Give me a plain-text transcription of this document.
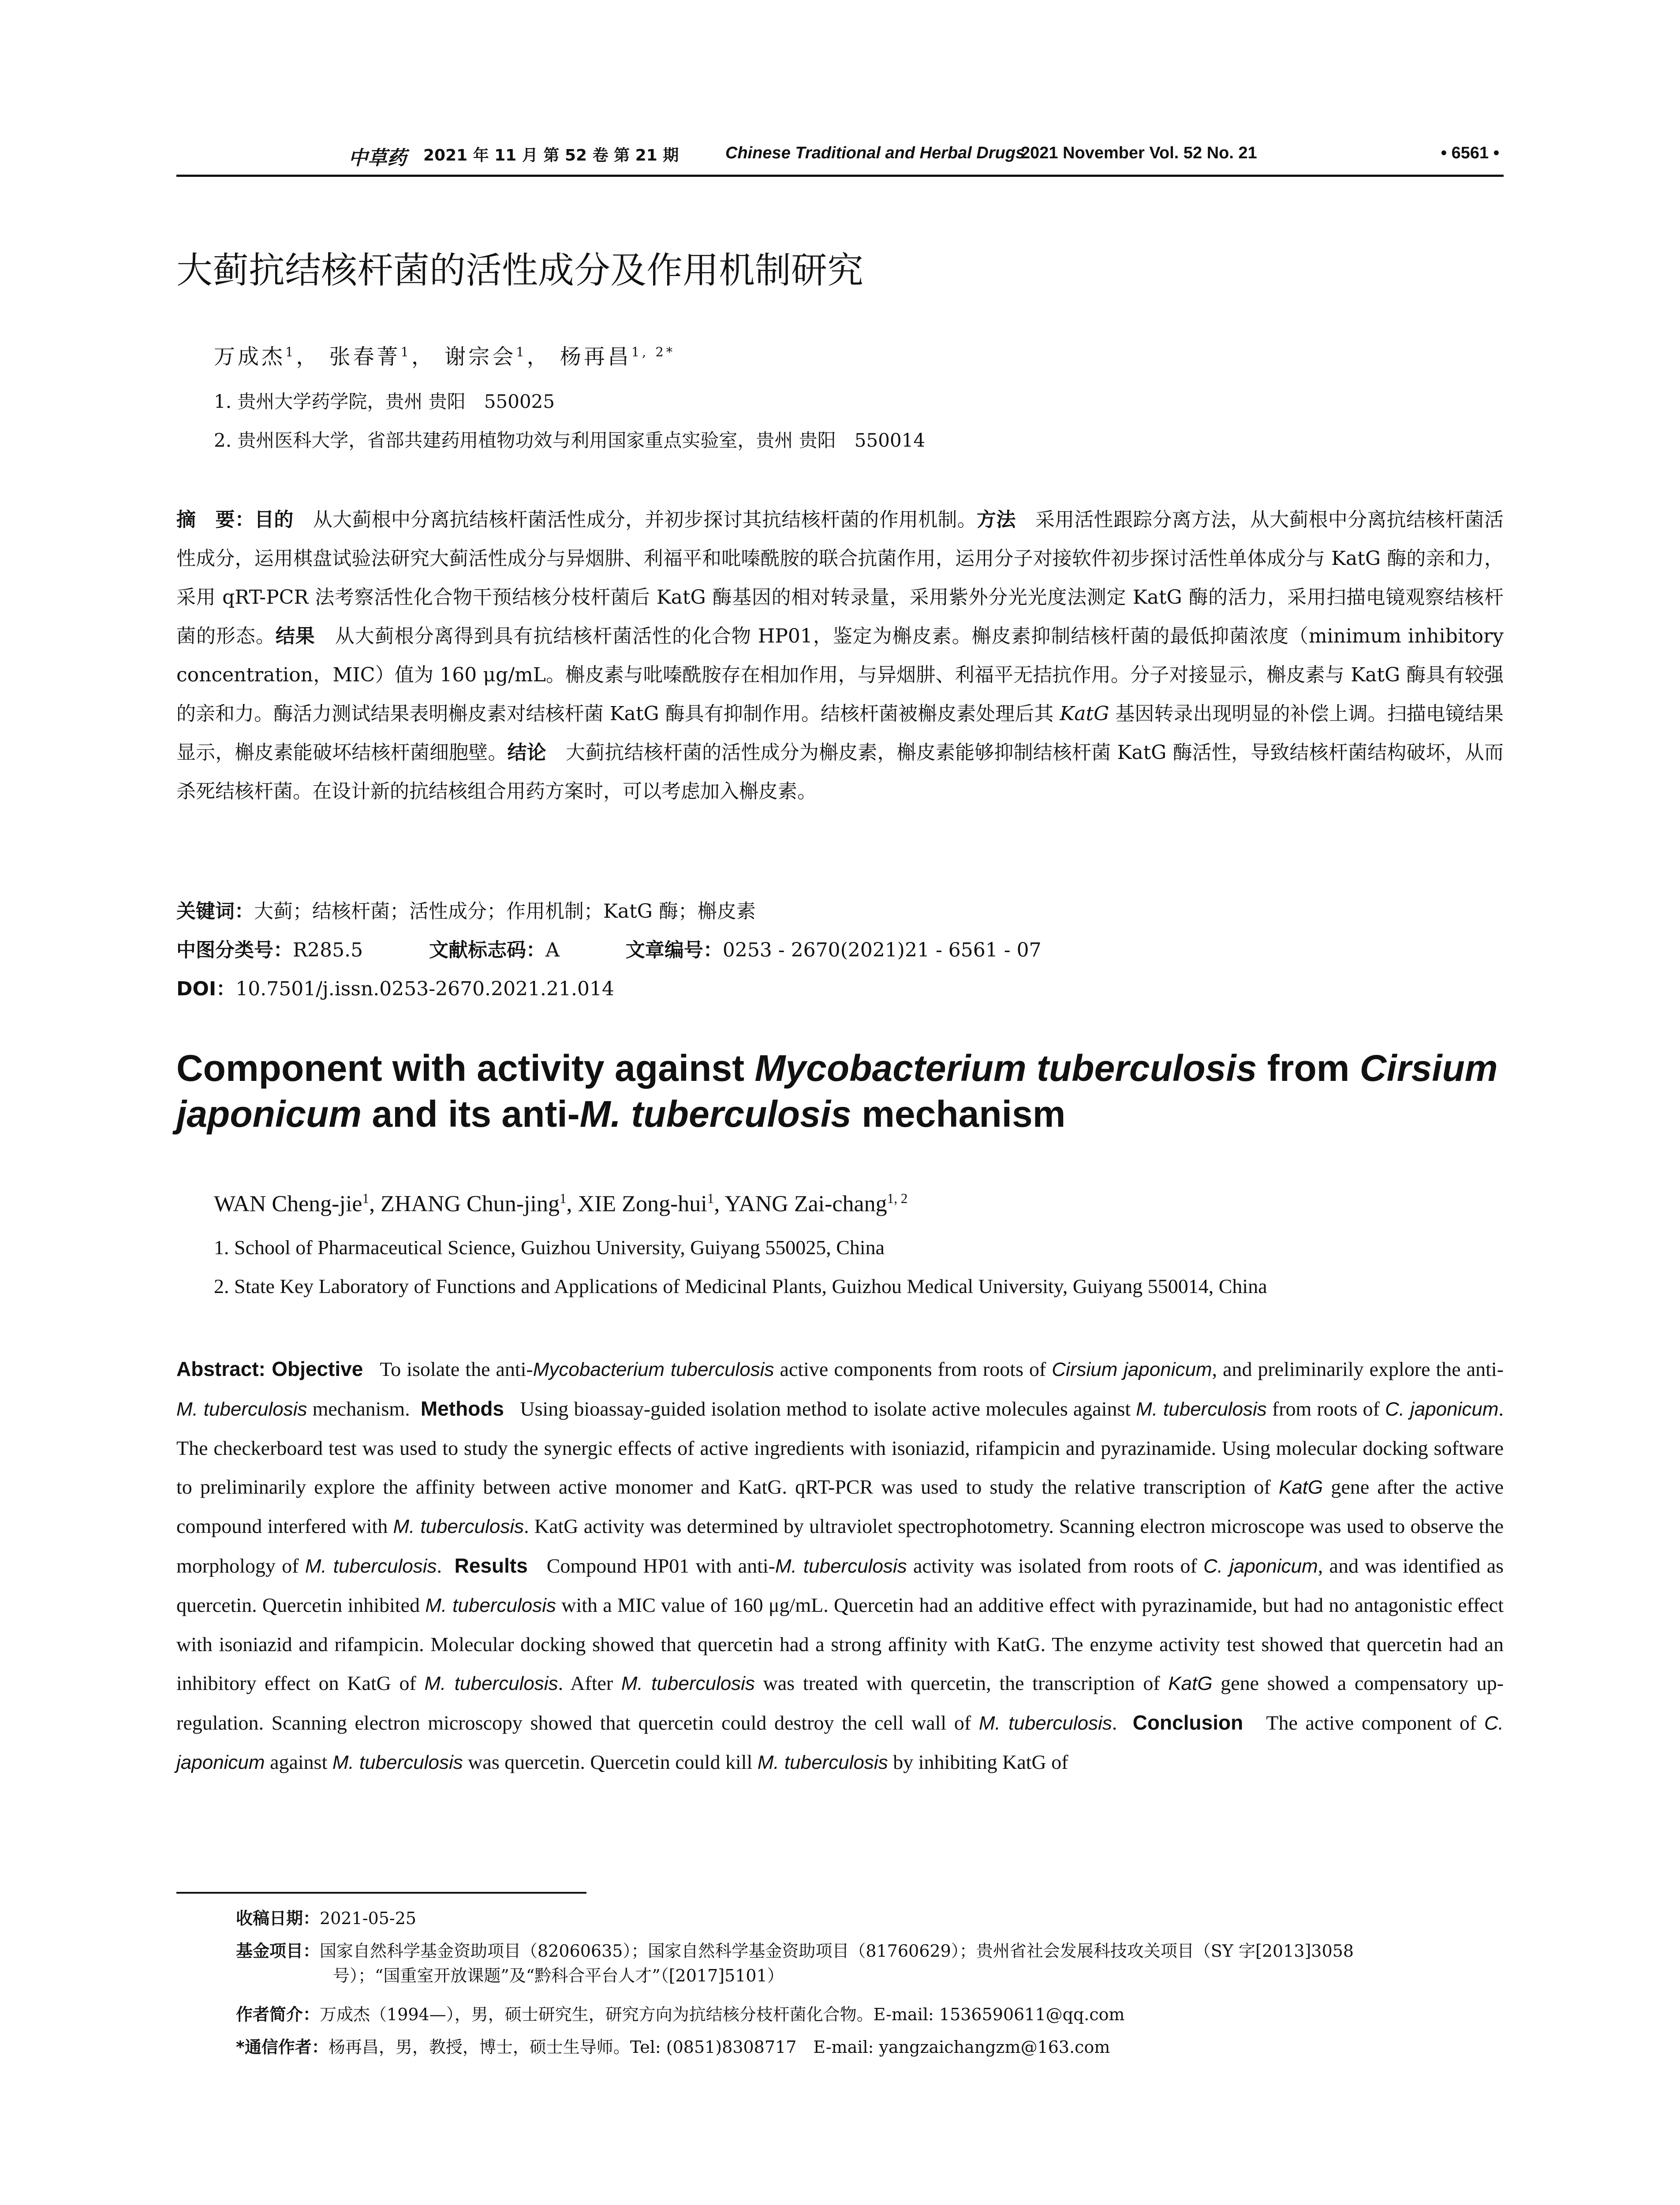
中草药 2021 年 11 月 第 52 卷 第 21 期	Chinese Traditional and Herbal Drugs
2021 November Vol. 52 No. 21	• 6561 •
大蓟抗结核杆菌的活性成分及作用机制研究
万成杰$^1$， 张春菁$^1$， 谢宗会$^1$， 杨再昌$^{1, 2*}$
1. 贵州大学药学院，贵州 贵阳　550025
2. 贵州医科大学，省部共建药用植物功效与利用国家重点实验室，贵州 贵阳　550014
摘　要：目的　 从大蓟根中分离抗结核杆菌活性成分，并初步探讨其抗结核杆菌的作用机制。方法　 采用活性跟踪分离方法，从大蓟根中分离抗结核杆菌活性成分，运用棋盘试验法研究大蓟活性成分与异烟肼、利福平和吡嗪酰胺的联合抗菌作用，运用分子对接软件初步探讨活性单体成分与 KatG 酶的亲和力，采用 qRT-PCR 法考察活性化合物干预结核分枝杆菌后 KatG 酶基因的相对转录量，采用紫外分光光度法测定 KatG 酶的活力，采用扫描电镜观察结核杆菌的形态。结果　 从大蓟根分离得到具有抗结核杆菌活性的化合物 HP01，鉴定为槲皮素。槲皮素抑制结核杆菌的最低抑菌浓度（minimum inhibitory concentration，MIC）值为 160 μg/mL。槲皮素与吡嗪酰胺存在相加作用，与异烟肼、利福平无拮抗作用。分子对接显示，槲皮素与 KatG 酶具有较强的亲和力。酶活力测试结果表明槲皮素对结核杆菌 KatG 酶具有抑制作用。结核杆菌被槲皮素处理后其 KatG 基因转录出现明显的补偿上调。扫描电镜结果显示，槲皮素能破坏结核杆菌细胞壁。结论　 大蓟抗结核杆菌的活性成分为槲皮素，槲皮素能够抑制结核杆菌 KatG 酶活性，导致结核杆菌结构破坏，从而杀死结核杆菌。在设计新的抗结核组合用药方案时，可以考虑加入槲皮素。
关键词：大蓟；结核杆菌；活性成分；作用机制；KatG 酶；槲皮素
中图分类号：R285.5	文献标志码：A	文章编号：0253 - 2670(2021)21 - 6561 - 07
DOI：10.7501/j.issn.0253-2670.2021.21.014
Component with activity against Mycobacterium tuberculosis from Cirsium japonicum and its anti-M. tuberculosis mechanism
WAN Cheng-jie$^1$, ZHANG Chun-jing$^1$, XIE Zong-hui$^1$, YANG Zai-chang$^{1, 2}$
1. School of Pharmaceutical Science, Guizhou University, Guiyang 550025, China
2. State Key Laboratory of Functions and Applications of Medicinal Plants, Guizhou Medical University, Guiyang 550014, China
Abstract: Objective To isolate the anti-Mycobacterium tuberculosis active components from roots of Cirsium japonicum, and preliminarily explore the anti-M. tuberculosis mechanism. Methods Using bioassay-guided isolation method to isolate active molecules against M. tuberculosis from roots of C. japonicum. The checkerboard test was used to study the synergic effects of active ingredients with isoniazid, rifampicin and pyrazinamide. Using molecular docking software to preliminarily explore the affinity between active monomer and KatG. qRT-PCR was used to study the relative transcription of KatG gene after the active compound interfered with M. tuberculosis. KatG activity was determined by ultraviolet spectrophotometry. Scanning electron microscope was used to observe the morphology of M. tuberculosis. Results Compound HP01 with anti-M. tuberculosis activity was isolated from roots of C. japonicum, and was identified as quercetin. Quercetin inhibited M. tuberculosis with a MIC value of 160 μg/mL. Quercetin had an additive effect with pyrazinamide, but had no antagonistic effect with isoniazid and rifampicin. Molecular docking showed that quercetin had a strong affinity with KatG. The enzyme activity test showed that quercetin had an inhibitory effect on KatG of M. tuberculosis. After M. tuberculosis was treated with quercetin, the transcription of KatG gene showed a compensatory up-regulation. Scanning electron microscopy showed that quercetin could destroy the cell wall of M. tuberculosis. Conclusion The active component of C. japonicum against M. tuberculosis was quercetin. Quercetin could kill M. tuberculosis by inhibiting KatG of
收稿日期：2021-05-25
基金项目：国家自然科学基金资助项目（82060635）；国家自然科学基金资助项目（81760629）；贵州省社会发展科技攻关项目（SY 字[2013]3058
号）；“国重室开放课题”及“黔科合平台人才”（[2017]5101）
作者简介：万成杰（1994—），男，硕士研究生，研究方向为抗结核分枝杆菌化合物。E-mail: 1536590611@qq.com
*通信作者：杨再昌，男，教授，博士，硕士生导师。Tel: (0851)8308717　E-mail: yangzaichangzm@163.com
